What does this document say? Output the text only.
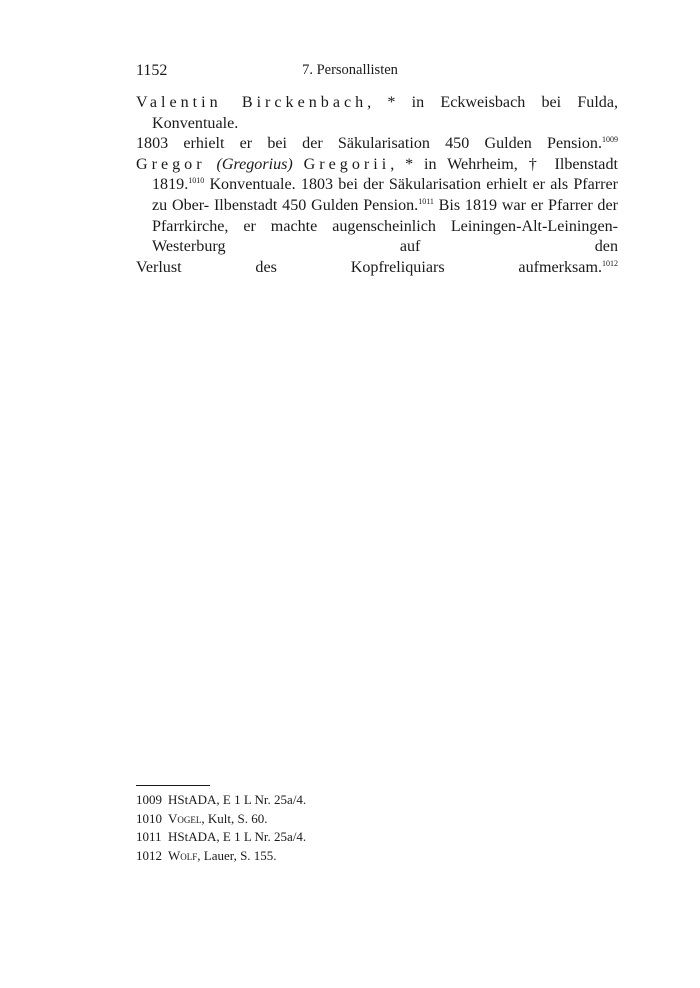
1152	7. Personallisten
Valentin Birckenbach, * in Eckweisbach bei Fulda, Konventuale.
1803 erhielt er bei der Säkularisation 450 Gulden Pension.$^{1009}$
Gregor (Gregorius) Gregorii, * in Wehrheim, † Ilbenstadt 1819.$^{1010}$ Konventuale. 1803 bei der Säkularisation erhielt er als Pfarrer zu Ober- Ilbenstadt 450 Gulden Pension.$^{1011}$ Bis 1819 war er Pfarrer der Pfarrkirche, er machte augenscheinlich Leiningen-Alt-Leiningen-Westerburg auf den
Verlust des Kopfreliquiars aufmerksam.$^{1012}$
1009 HStADA, E 1 L Nr. 25a/4.
1010 Vogel, Kult, S. 60.
1011 HStADA, E 1 L Nr. 25a/4.
1012 Wolf, Lauer, S. 155.
